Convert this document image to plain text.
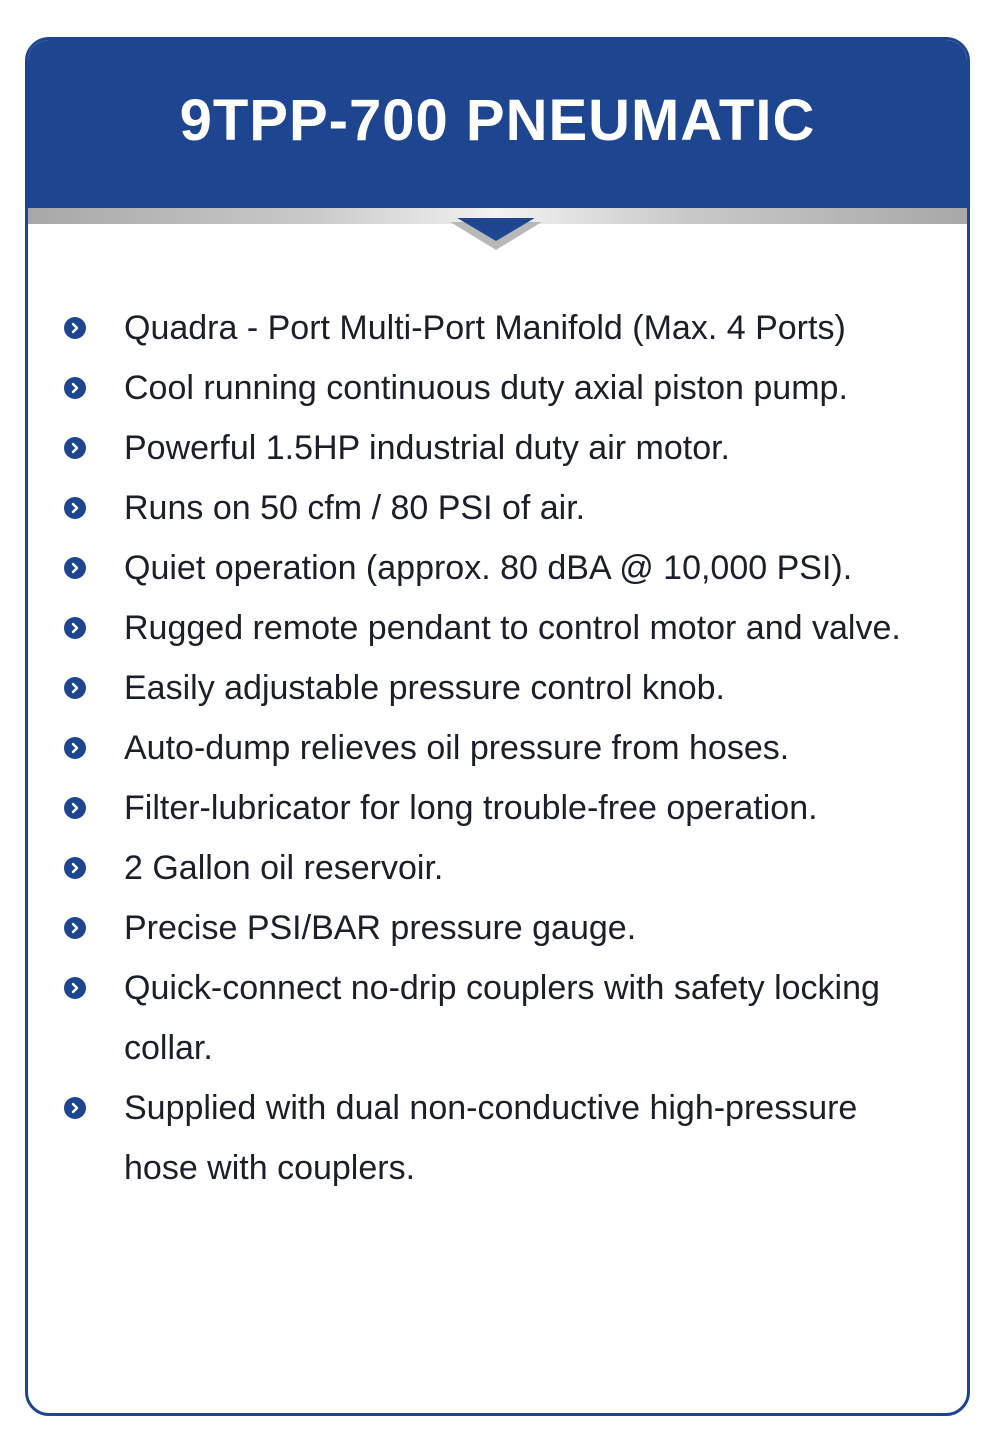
9TPP-700 PNEUMATIC
Quadra - Port Multi-Port Manifold (Max. 4 Ports)
Cool running continuous duty axial piston pump.
Powerful 1.5HP industrial duty air motor.
Runs on 50 cfm / 80 PSI of air.
Quiet operation (approx. 80 dBA @ 10,000 PSI).
Rugged remote pendant to control motor and valve.
Easily adjustable pressure control knob.
Auto-dump relieves oil pressure from hoses.
Filter-lubricator for long trouble-free operation.
2 Gallon oil reservoir.
Precise PSI/BAR pressure gauge.
Quick-connect no-drip couplers with safety locking collar.
Supplied with dual non-conductive high-pressure hose with couplers.
